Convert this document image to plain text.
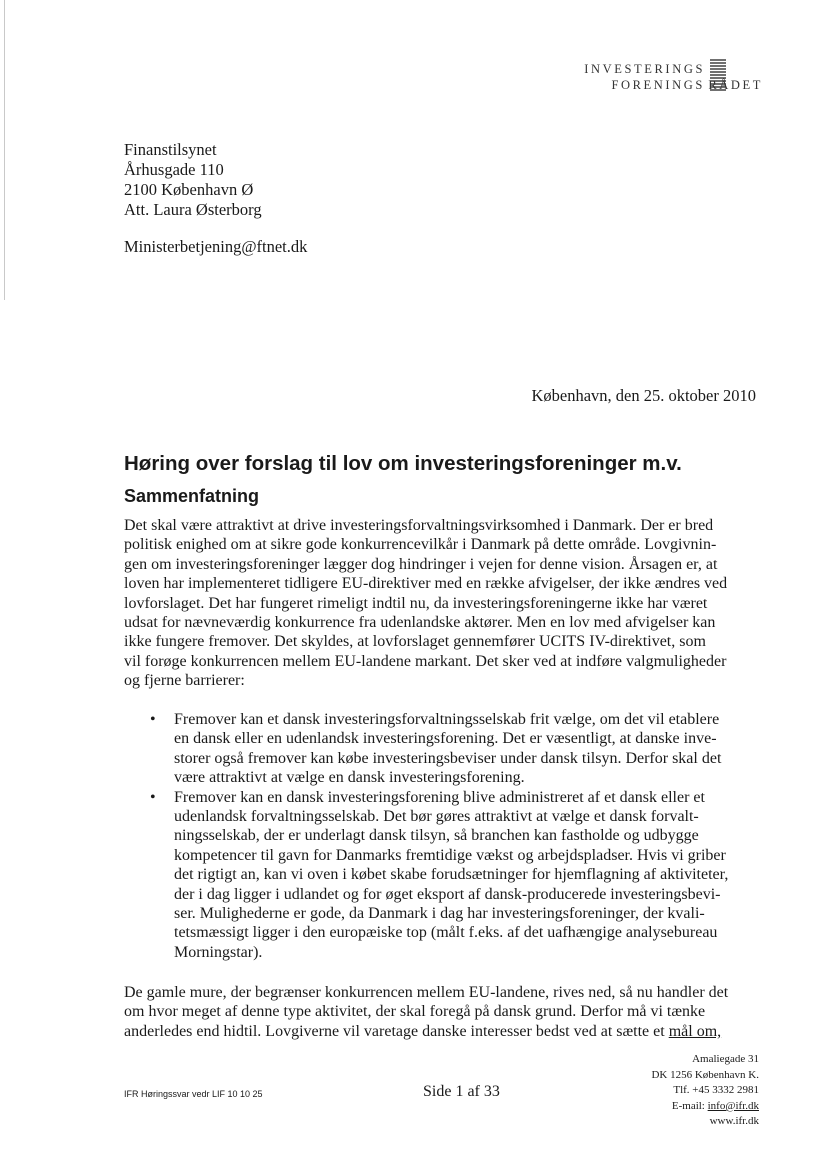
INVESTERINGS
FORENINGS RÅDET
Finanstilsynet
Århusgade 110
2100 København Ø
Att. Laura Østerborg
Ministerbetjening@ftnet.dk
København, den 25. oktober 2010
Høring over forslag til lov om investeringsforeninger m.v.
Sammenfatning
Det skal være attraktivt at drive investeringsforvaltningsvirksomhed i Danmark. Der er bred
politisk enighed om at sikre gode konkurrencevilkår i Danmark på dette område. Lovgivnin-
gen om investeringsforeninger lægger dog hindringer i vejen for denne vision. Årsagen er, at
loven har implementeret tidligere EU-direktiver med en række afvigelser, der ikke ændres ved
lovforslaget. Det har fungeret rimeligt indtil nu, da investeringsforeningerne ikke har været
udsat for nævneværdig konkurrence fra udenlandske aktører. Men en lov med afvigelser kan
ikke fungere fremover. Det skyldes, at lovforslaget gennemfører UCITS IV-direktivet, som
vil forøge konkurrencen mellem EU-landene markant. Det sker ved at indføre valgmuligheder
og fjerne barrierer:
• Fremover kan et dansk investeringsforvaltningsselskab frit vælge, om det vil etablere
en dansk eller en udenlandsk investeringsforening. Det er væsentligt, at danske inve-
storer også fremover kan købe investeringsbeviser under dansk tilsyn. Derfor skal det
være attraktivt at vælge en dansk investeringsforening.
• Fremover kan en dansk investeringsforening blive administreret af et dansk eller et
udenlandsk forvaltningsselskab. Det bør gøres attraktivt at vælge et dansk forvalt-
ningsselskab, der er underlagt dansk tilsyn, så branchen kan fastholde og udbygge
kompetencer til gavn for Danmarks fremtidige vækst og arbejdspladser. Hvis vi griber
det rigtigt an, kan vi oven i købet skabe forudsætninger for hjemflagning af aktiviteter,
der i dag ligger i udlandet og for øget eksport af dansk-producerede investeringsbevi-
ser. Mulighederne er gode, da Danmark i dag har investeringsforeninger, der kvali-
tetsmæssigt ligger i den europæiske top (målt f.eks. af det uafhængige analysebureau
Morningstar).
De gamle mure, der begrænser konkurrencen mellem EU-landene, rives ned, så nu handler det
om hvor meget af denne type aktivitet, der skal foregå på dansk grund. Derfor må vi tænke
anderledes end hidtil. Lovgiverne vil varetage danske interesser bedst ved at sætte et mål om,
IFR Høringssvar vedr LIF 10 10 25	Side 1 af 33
Amaliegade 31
DK 1256 København K.
Tlf. +45 3332 2981
E-mail: info@ifr.dk
www.ifr.dk
